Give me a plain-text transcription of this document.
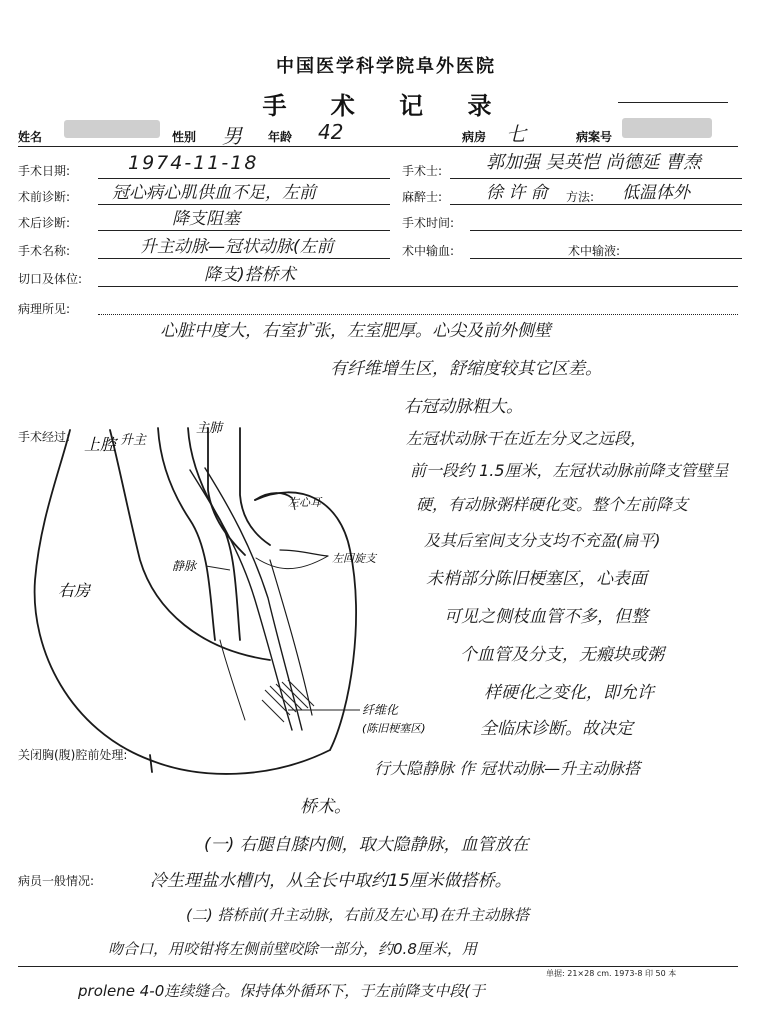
中国医学科学院阜外医院
手 术 记 录
姓名	性别 男 年龄 42	病房 七	病案号
手术日期:	1974-11-18	手术士: 郭加强 吴英恺 尚德延 曹焘
术前诊断: 冠心病心肌供血不足，左前	麻醉士:	徐 许 俞 方法: 低温体外
术后诊断:	降支阻塞	手术时间:
手术名称:	升主动脉—冠状动脉(左前	术中输血:	术中输液:
切口及体位:	降支)搭桥术
病理所见:
手术经过:
关闭胸(腹)腔前处理:
病员一般情况:
心脏中度大，右室扩张，左室肥厚。心尖及前外侧壁
有纤维增生区，舒缩度较其它区差。
右冠动脉粗大。
左冠状动脉干在近左分叉之远段，
前一段约 1.5厘米，左冠状动脉前降支管壁呈
硬，有动脉粥样硬化变。整个左前降支
及其后室间支分支均不充盈(扁平)
未梢部分陈旧梗塞区，心表面
可见之侧枝血管不多，但整
个血管及分支，无瘢块或粥
样硬化之变化，即允许
全临床诊断。故决定
行大隐静脉 作 冠状动脉—升主动脉搭
桥术。
(一) 右腿自膝内侧，取大隐静脉，血管放在
冷生理盐水槽内，从全长中取约15厘米做搭桥。
(二) 搭桥前(升主动脉，右前及左心耳)在升主动脉搭
吻合口，用咬钳将左侧前壁咬除一部分，约0.8厘米，用
prolene 4-0连续缝合。保持体外循环下，于左前降支中段(于
单据: 21×28 cm. 1973-8 印 50 本
上腔 升主
主肺
右房
左心耳
左回旋支
静脉
纤维化
(陈旧梗塞区)
